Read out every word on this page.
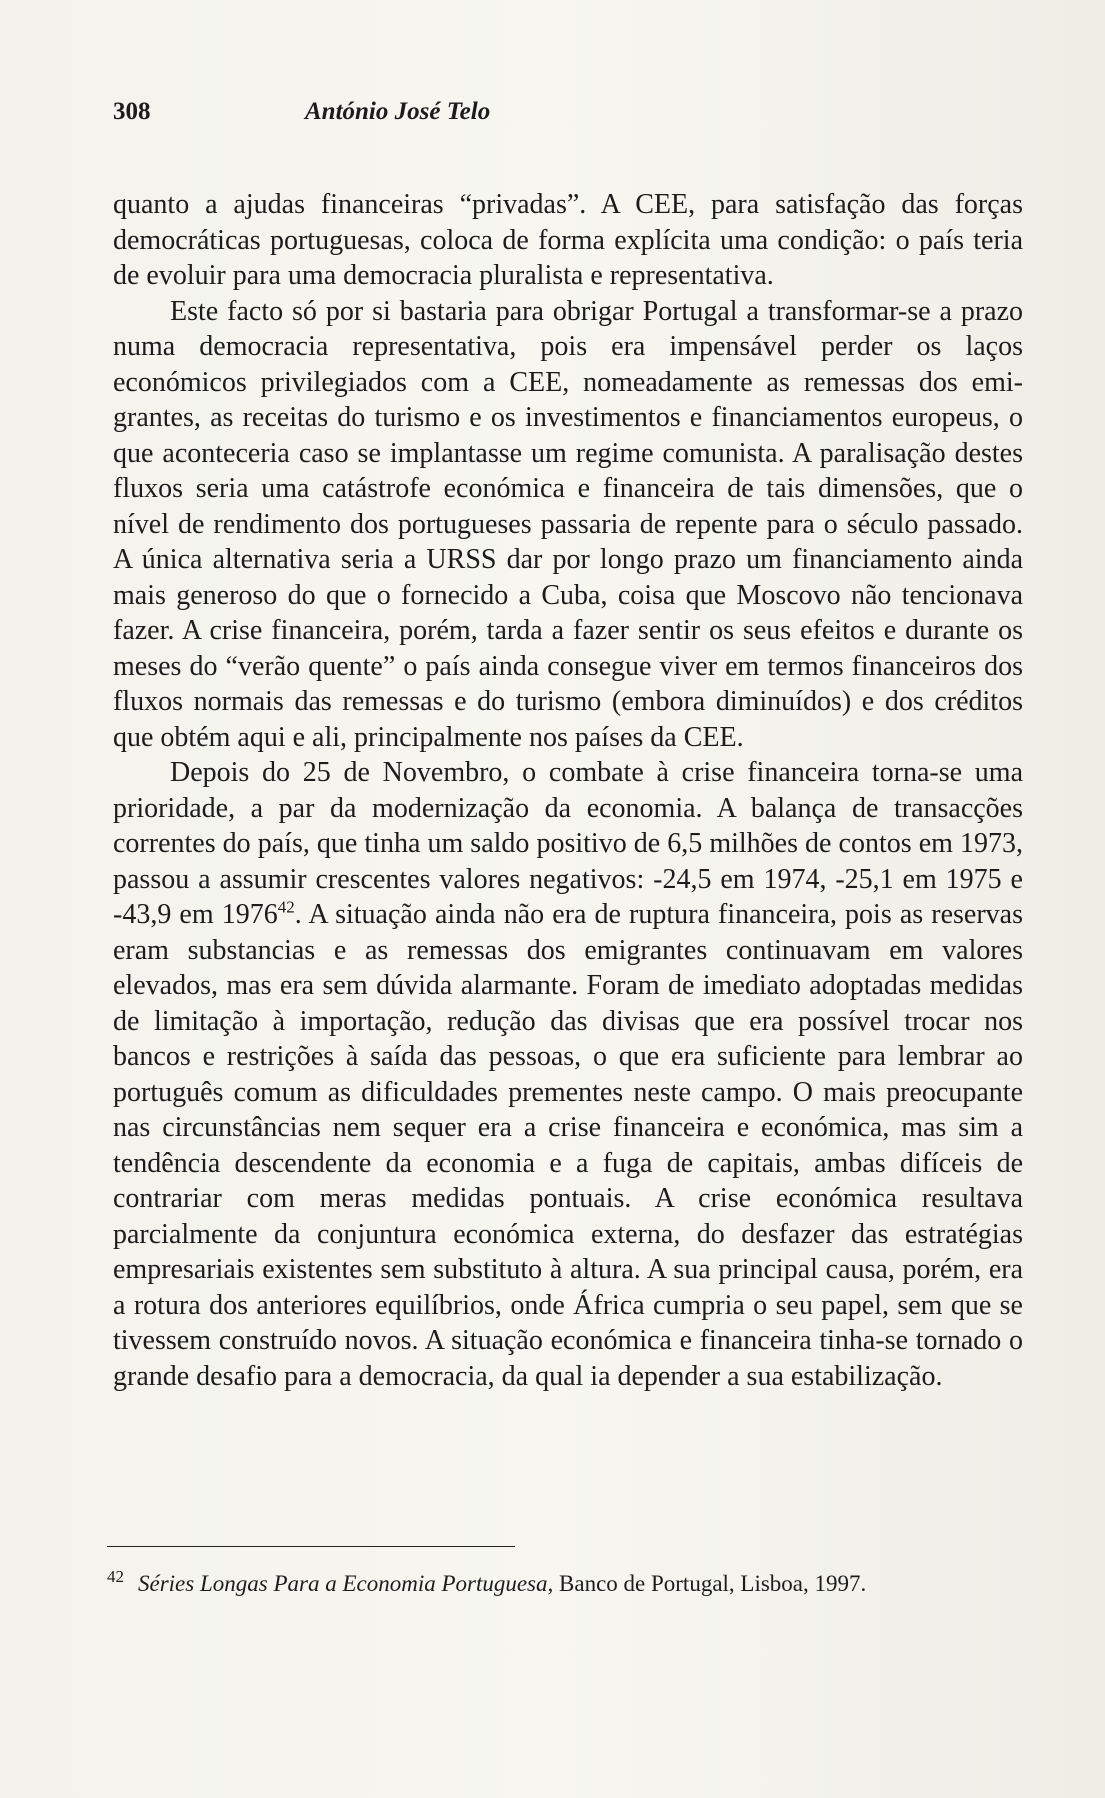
308	António José Telo

quanto a ajudas financeiras “privadas”. A CEE, para satisfação das forças democráticas portuguesas, coloca de forma explícita uma condição: o país teria de evoluir para uma democracia pluralista e representativa.

Este facto só por si bastaria para obrigar Portugal a transformar-se a prazo numa democracia representativa, pois era impensável perder os laços económicos privilegiados com a CEE, nomeadamente as remessas dos emigrantes, as receitas do turismo e os investimentos e financiamentos europeus, o que aconteceria caso se implantasse um regime comunista. A paralisação destes fluxos seria uma catástrofe económica e financeira de tais dimensões, que o nível de rendimento dos portugueses passaria de repente para o século passado. A única alternativa seria a URSS dar por longo prazo um financiamento ainda mais generoso do que o fornecido a Cuba, coisa que Moscovo não tencionava fazer. A crise financeira, porém, tarda a fazer sentir os seus efeitos e durante os meses do “verão quente” o país ainda consegue viver em termos financeiros dos fluxos normais das remessas e do turismo (embora diminuídos) e dos créditos que obtém aqui e ali, principalmente nos países da CEE.

Depois do 25 de Novembro, o combate à crise financeira torna-se uma prioridade, a par da modernização da economia. A balança de transacções correntes do país, que tinha um saldo positivo de 6,5 milhões de contos em 1973, passou a assumir crescentes valores negativos: -24,5 em 1974, -25,1 em 1975 e -43,9 em 1976$^{42}$. A situação ainda não era de ruptura financeira, pois as reservas eram substancias e as remessas dos emigrantes continuavam em valores elevados, mas era sem dúvida alarmante. Foram de imediato adoptadas medidas de limitação à importação, redução das divisas que era possível trocar nos bancos e restrições à saída das pessoas, o que era suficiente para lembrar ao português comum as dificuldades prementes neste campo. O mais preocupante nas circunstâncias nem sequer era a crise financeira e económica, mas sim a tendência descendente da economia e a fuga de capitais, ambas difíceis de contrariar com meras medidas pontuais. A crise económica resultava parcialmente da conjuntura económica externa, do desfazer das estratégias empresariais existentes sem substituto à altura. A sua principal causa, porém, era a rotura dos anteriores equilíbrios, onde África cumpria o seu papel, sem que se tivessem construído novos. A situação económica e financeira tinha-se tornado o grande desafio para a democracia, da qual ia depender a sua estabilização.

$^{42}$ Séries Longas Para a Economia Portuguesa, Banco de Portugal, Lisboa, 1997.
